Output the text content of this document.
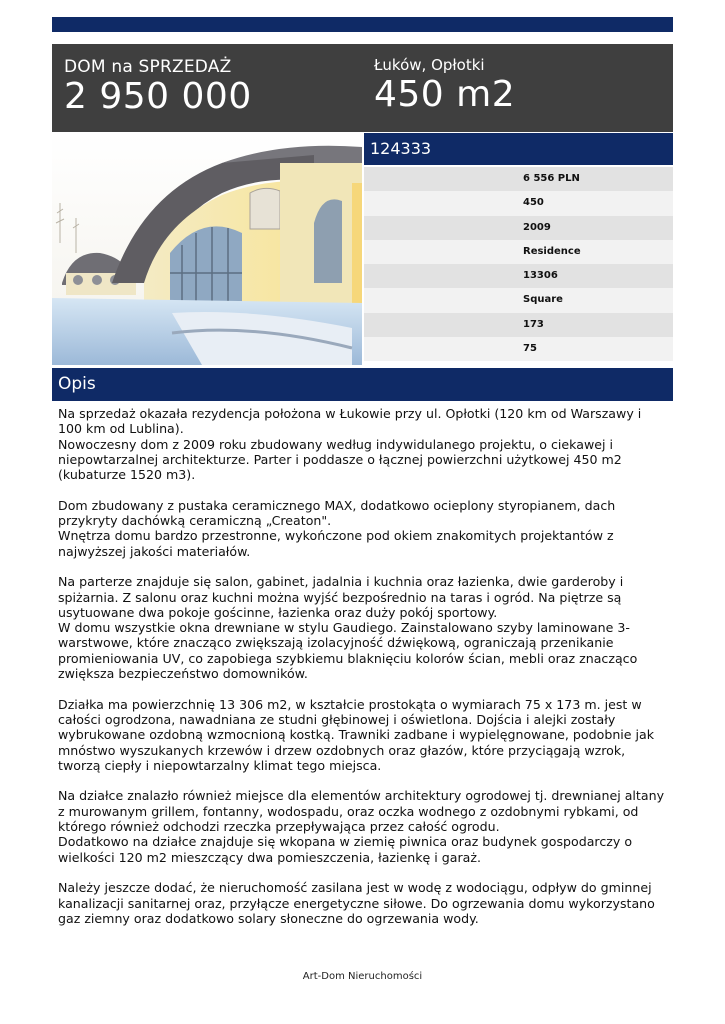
DOM na SPRZEDAŻ
2 950 000
Łuków, Opłotki
450 m2
124333
6 556 PLN
450
2009
Residence
13306
Square
173
75
Opis

Na sprzedaż okazała rezydencja położona w Łukowie przy ul. Opłotki (120 km od Warszawy i 100 km od Lublina).
Nowoczesny dom z 2009 roku zbudowany według indywidulanego projektu, o ciekawej i niepowtarzalnej architekturze. Parter i poddasze o łącznej powierzchni użytkowej 450 m2 (kubaturze 1520 m3).

Dom zbudowany z pustaka ceramicznego MAX, dodatkowo ocieplony styropianem, dach przykryty dachówką ceramiczną „Creaton".
Wnętrza domu bardzo przestronne, wykończone pod okiem znakomitych projektantów z najwyższej jakości materiałów.

Na parterze znajduje się salon, gabinet, jadalnia i kuchnia oraz łazienka, dwie garderoby i spiżarnia. Z salonu oraz kuchni można wyjść bezpośrednio na taras i ogród. Na piętrze są usytuowane dwa pokoje gościnne, łazienka oraz duży pokój sportowy.
W domu wszystkie okna drewniane w stylu Gaudiego. Zainstalowano szyby laminowane 3-warstwowe, które znacząco zwiększają izolacyjność dźwiękową, ograniczają przenikanie promieniowania UV, co zapobiega szybkiemu blaknięciu kolorów ścian, mebli oraz znacząco zwiększa bezpieczeństwo domowników.

Działka ma powierzchnię 13 306 m2, w kształcie prostokąta o wymiarach 75 x 173 m. jest w całości ogrodzona, nawadniana ze studni głębinowej i oświetlona. Dojścia i alejki zostały wybrukowane ozdobną wzmocnioną kostką. Trawniki zadbane i wypielęgnowane, podobnie jak mnóstwo wyszukanych krzewów i drzew ozdobnych oraz głazów, które przyciągają wzrok, tworzą ciepły i niepowtarzalny klimat tego miejsca.

Na działce znalazło również miejsce dla elementów architektury ogrodowej tj. drewnianej altany z murowanym grillem, fontanny, wodospadu, oraz oczka wodnego z ozdobnymi rybkami, od którego również odchodzi rzeczka przepływająca przez całość ogrodu.
Dodatkowo na działce znajduje się wkopana w ziemię piwnica oraz budynek gospodarczy o wielkości 120 m2 mieszczący dwa pomieszczenia, łazienkę i garaż.

Należy jeszcze dodać, że nieruchomość zasilana jest w wodę z wodociągu, odpływ do gminnej kanalizacji sanitarnej oraz, przyłącze energetyczne siłowe. Do ogrzewania domu wykorzystano gaz ziemny oraz dodatkowo solary słoneczne do ogrzewania wody.

Art-Dom Nieruchomości
